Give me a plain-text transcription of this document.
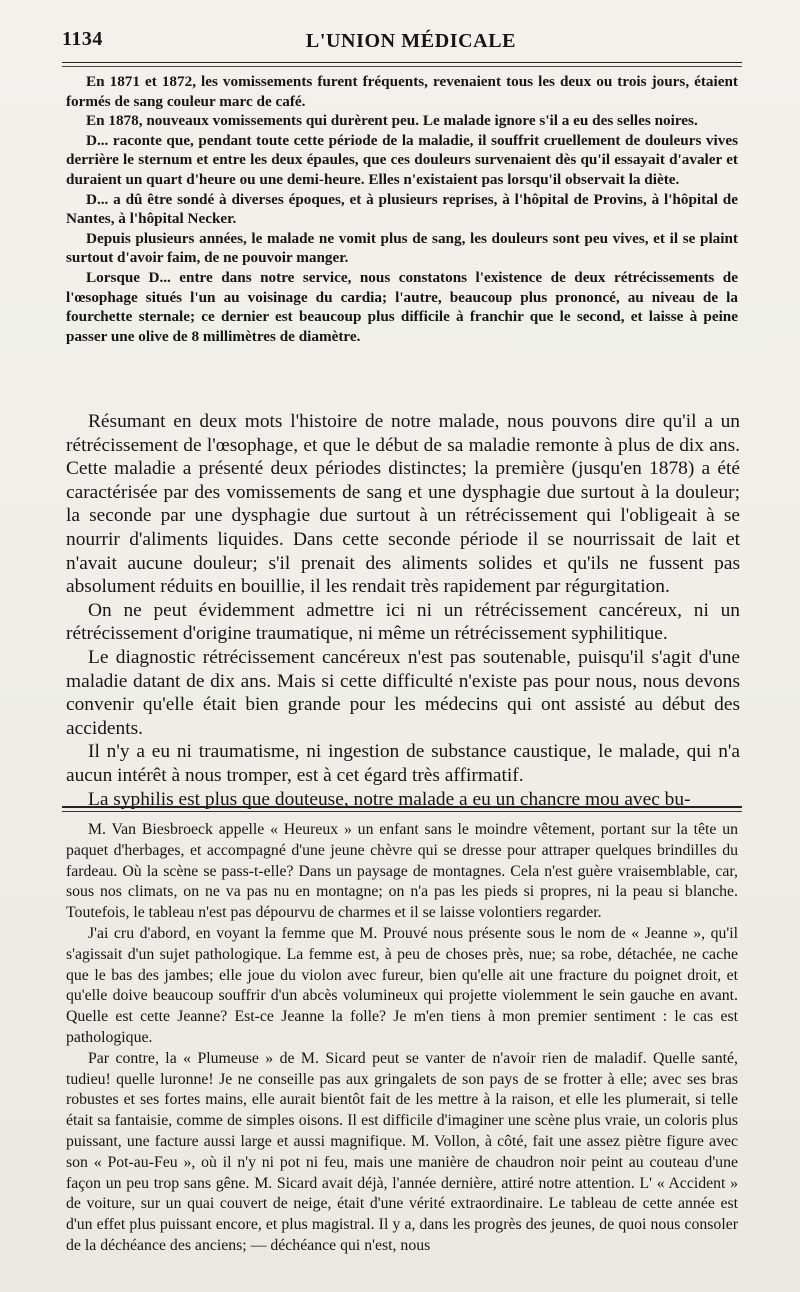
1134	L'UNION MÉDICALE

En 1871 et 1872, les vomissements furent fréquents, revenaient tous les deux ou trois jours, étaient formés de sang couleur marc de café.

En 1878, nouveaux vomissements qui durèrent peu. Le malade ignore s'il a eu des selles noires.

D... raconte que, pendant toute cette période de la maladie, il souffrit cruellement de douleurs vives derrière le sternum et entre les deux épaules, que ces douleurs survenaient dès qu'il essayait d'avaler et duraient un quart d'heure ou une demi-heure. Elles n'existaient pas lorsqu'il observait la diète.

D... a dû être sondé à diverses époques, et à plusieurs reprises, à l'hôpital de Provins, à l'hôpital de Nantes, à l'hôpital Necker.

Depuis plusieurs années, le malade ne vomit plus de sang, les douleurs sont peu vives, et il se plaint surtout d'avoir faim, de ne pouvoir manger.

Lorsque D... entre dans notre service, nous constatons l'existence de deux rétrécissements de l'œsophage situés l'un au voisinage du cardia; l'autre, beaucoup plus prononcé, au niveau de la fourchette sternale; ce dernier est beaucoup plus difficile à franchir que le second, et laisse à peine passer une olive de 8 millimètres de diamètre.

Résumant en deux mots l'histoire de notre malade, nous pouvons dire qu'il a un rétrécissement de l'œsophage, et que le début de sa maladie remonte à plus de dix ans. Cette maladie a présenté deux périodes distinctes; la première (jusqu'en 1878) a été caractérisée par des vomissements de sang et une dysphagie due surtout à la douleur; la seconde par une dysphagie due surtout à un rétrécissement qui l'obligeait à se nourrir d'aliments liquides. Dans cette seconde période il se nourrissait de lait et n'avait aucune douleur; s'il prenait des aliments solides et qu'ils ne fussent pas absolument réduits en bouillie, il les rendait très rapidement par régurgitation.

On ne peut évidemment admettre ici ni un rétrécissement cancéreux, ni un rétrécissement d'origine traumatique, ni même un rétrécissement syphilitique.

Le diagnostic rétrécissement cancéreux n'est pas soutenable, puisqu'il s'agit d'une maladie datant de dix ans. Mais si cette difficulté n'existe pas pour nous, nous devons convenir qu'elle était bien grande pour les médecins qui ont assisté au début des accidents.

Il n'y a eu ni traumatisme, ni ingestion de substance caustique, le malade, qui n'a aucun intérêt à nous tromper, est à cet égard très affirmatif.

La syphilis est plus que douteuse, notre malade a eu un chancre mou avec bu-

M. Van Biesbroeck appelle « Heureux » un enfant sans le moindre vêtement, portant sur la tête un paquet d'herbages, et accompagné d'une jeune chèvre qui se dresse pour attraper quelques brindilles du fardeau. Où la scène se pass-t-elle? Dans un paysage de montagnes. Cela n'est guère vraisemblable, car, sous nos climats, on ne va pas nu en montagne; on n'a pas les pieds si propres, ni la peau si blanche. Toutefois, le tableau n'est pas dépourvu de charmes et il se laisse volontiers regarder.

J'ai cru d'abord, en voyant la femme que M. Prouvé nous présente sous le nom de « Jeanne », qu'il s'agissait d'un sujet pathologique. La femme est, à peu de choses près, nue; sa robe, détachée, ne cache que le bas des jambes; elle joue du violon avec fureur, bien qu'elle ait une fracture du poignet droit, et qu'elle doive beaucoup souffrir d'un abcès volumineux qui projette violemment le sein gauche en avant. Quelle est cette Jeanne? Est-ce Jeanne la folle? Je m'en tiens à mon premier sentiment : le cas est pathologique.

Par contre, la « Plumeuse » de M. Sicard peut se vanter de n'avoir rien de maladif. Quelle santé, tudieu! quelle luronne! Je ne conseille pas aux gringalets de son pays de se frotter à elle; avec ses bras robustes et ses fortes mains, elle aurait bientôt fait de les mettre à la raison, et elle les plumerait, si telle était sa fantaisie, comme de simples oisons. Il est difficile d'imaginer une scène plus vraie, un coloris plus puissant, une facture aussi large et aussi magnifique. M. Vollon, à côté, fait une assez piètre figure avec son « Pot-au-Feu », où il n'y ni pot ni feu, mais une manière de chaudron noir peint au couteau d'une façon un peu trop sans gêne. M. Sicard avait déjà, l'année dernière, attiré notre attention. L' « Accident » de voiture, sur un quai couvert de neige, était d'une vérité extraordinaire. Le tableau de cette année est d'un effet plus puissant encore, et plus magistral. Il y a, dans les progrès des jeunes, de quoi nous consoler de la déchéance des anciens; — déchéance qui n'est, nous
